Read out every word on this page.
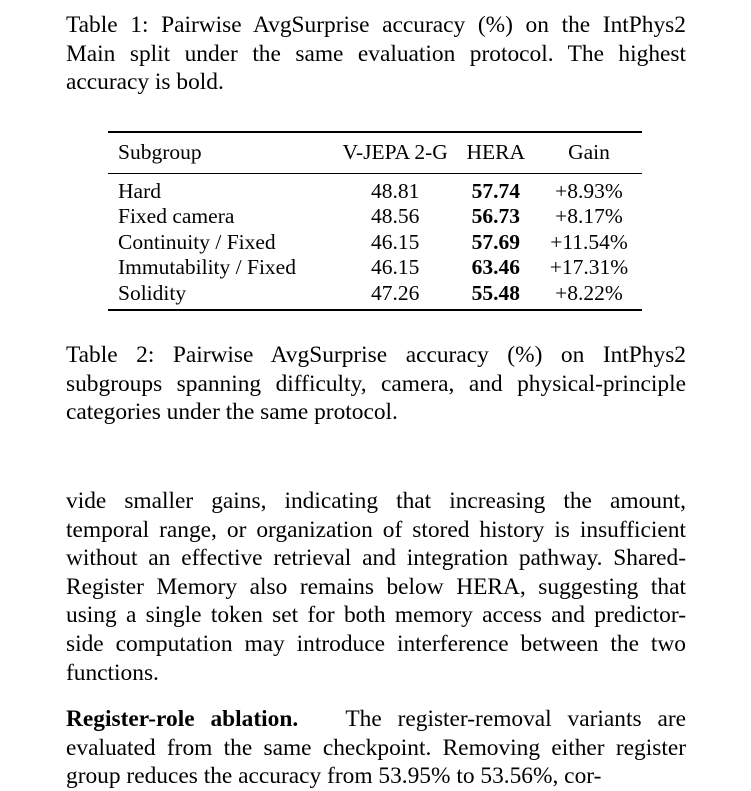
Table 1: Pairwise AvgSurprise accuracy (%) on the IntPhys2 Main split under the same evaluation protocol. The highest accuracy is bold.

Subgroup	V-JEPA 2-G	HERA	Gain
Hard	48.81	57.74	+8.93%
Fixed camera	48.56	56.73	+8.17%
Continuity / Fixed	46.15	57.69	+11.54%
Immutability / Fixed	46.15	63.46	+17.31%
Solidity	47.26	55.48	+8.22%

Table 2: Pairwise AvgSurprise accuracy (%) on IntPhys2 subgroups spanning difficulty, camera, and physical-principle categories under the same protocol.

vide smaller gains, indicating that increasing the amount, temporal range, or organization of stored history is insufficient without an effective retrieval and integration pathway. Shared-Register Memory also remains below HERA, suggesting that using a single token set for both memory access and predictor-side computation may introduce interference between the two functions.

Register-role ablation. The register-removal variants are evaluated from the same checkpoint. Removing either register group reduces the accuracy from 53.95% to 53.56%, cor-
